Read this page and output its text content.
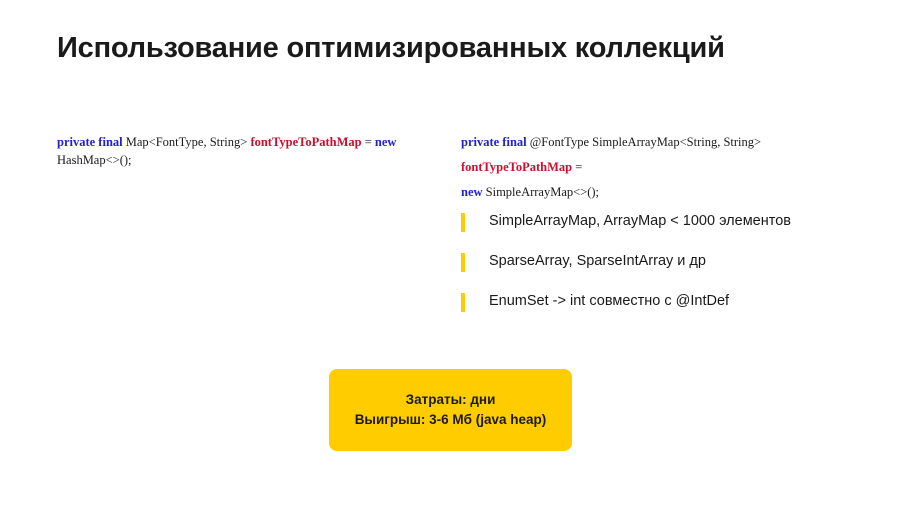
Использование оптимизированных коллекций
private final Map<FontType, String> fontTypeToPathMap = new
HashMap<>();
private final @FontType SimpleArrayMap<String, String>
fontTypeToPathMap =
new SimpleArrayMap<>();
SimpleArrayMap, ArrayMap < 1000 элементов
SparseArray, SparseIntArray и др
EnumSet -> int совместно с @IntDef
Затраты: дни
Выигрыш: 3-6 Мб (java heap)
